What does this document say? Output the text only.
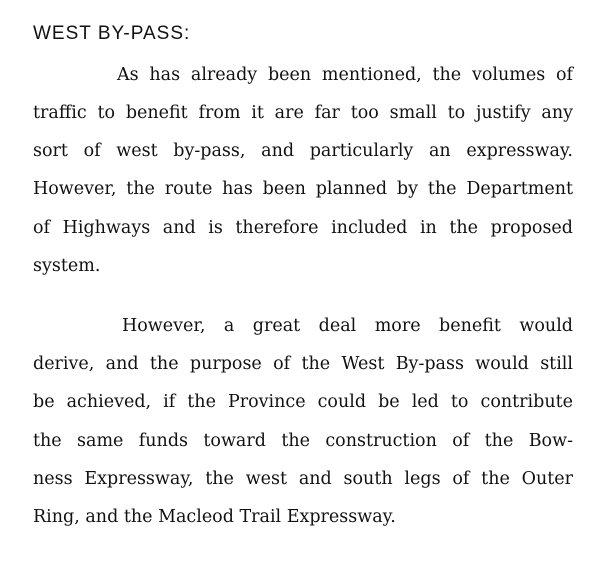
WEST BY-PASS:
As has already been mentioned, the volumes of
traffic to benefit from it are far too small to justify any
sort of west by-pass, and particularly an expressway.
However, the route has been planned by the Department
of Highways and is therefore included in the proposed
system.
However, a great deal more benefit would
derive, and the purpose of the West By-pass would still
be achieved, if the Province could be led to contribute
the same funds toward the construction of the Bow-
ness Expressway, the west and south legs of the Outer
Ring, and the Macleod Trail Expressway.
